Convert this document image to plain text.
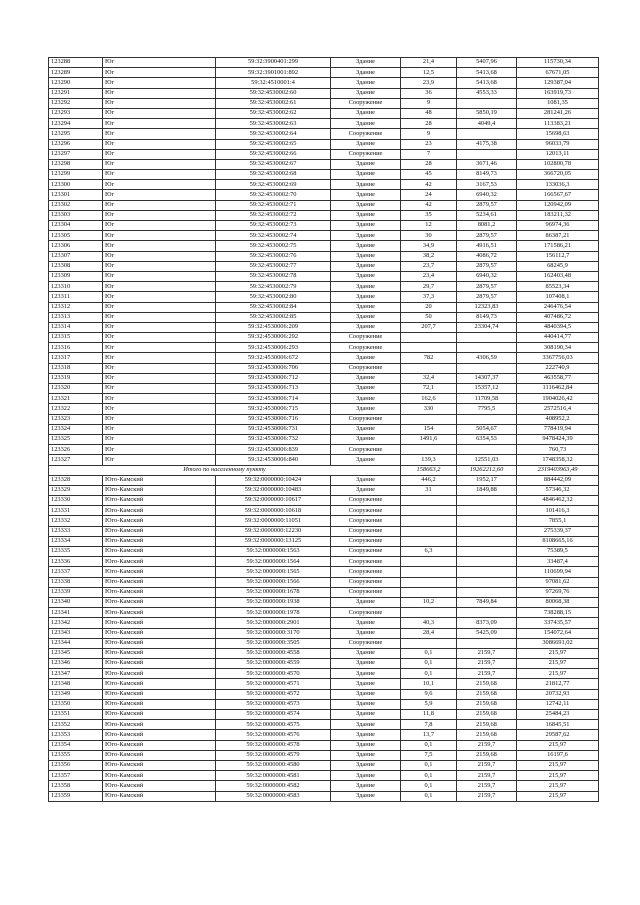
123288	Юг	59:32:3900401:299	Здание	21,4	5407,96	115730,34
123289	Юг	59:32:3901001:892	Здание	12,5	5413,68	67671,05
123290	Юг	59:32:4510001:4	Здание	23,9	5413,68	129387,04
123291	Юг	59:32:4530002:60	Здание	36	4553,33	163919,73
123292	Юг	59:32:4530002:61	Сооружение	9		1081,35
123293	Юг	59:32:4530002:62	Здание	48	5850,19	281241,26
123294	Юг	59:32:4530002:63	Здание	28	4049,4	113383,21
123295	Юг	59:32:4530002:64	Сооружение	9		15698,63
123296	Юг	59:32:4530002:65	Здание	23	4175,38	96033,79
123297	Юг	59:32:4530002:66	Сооружение	7		12013,11
123298	Юг	59:32:4530002:67	Здание	28	3671,46	102800,78
123299	Юг	59:32:4530002:68	Здание	45	8149,73	366720,05
123300	Юг	59:32:4530002:69	Здание	42	3167,53	133036,3
123301	Юг	59:32:4530002:70	Здание	24	6940,32	166567,67
123302	Юг	59:32:4530002:71	Здание	42	2879,57	120942,09
123303	Юг	59:32:4530002:72	Здание	35	5234,61	183211,32
123304	Юг	59:32:4530002:73	Здание	12	8081,2	96974,36
123305	Юг	59:32:4530002:74	Здание	30	2879,57	86387,21
123306	Юг	59:32:4530002:75	Здание	34,9	4916,51	171586,21
123307	Юг	59:32:4530002:76	Здание	38,2	4086,72	156112,7
123308	Юг	59:32:4530002:77	Здание	23,7	2879,57	68245,9
123309	Юг	59:32:4530002:78	Здание	23,4	6940,32	162403,48
123310	Юг	59:32:4530002:79	Здание	29,7	2879,57	85523,34
123311	Юг	59:32:4530002:80	Здание	37,3	2879,57	107408,1
123312	Юг	59:32:4530002:84	Здание	20	12323,83	246476,54
123313	Юг	59:32:4530002:85	Здание	50	8149,73	407486,72
123314	Юг	59:32:4530006:209	Здание	207,7	23304,74	4840394,5
123315	Юг	59:32:4530006:292	Сооружение			440414,77
123316	Юг	59:32:4530006:293	Сооружение			308190,34
123317	Юг	59:32:4530006:672	Здание	782	4306,59	3367756,03
123318	Юг	59:32:4530006:706	Сооружение			222740,9
123319	Юг	59:32:4530006:712	Здание	32,4	14307,37	463558,77
123320	Юг	59:32:4530006:713	Здание	72,1	15357,12	1116462,84
123321	Юг	59:32:4530006:714	Здание	162,6	11709,58	1904026,42
123322	Юг	59:32:4530006:715	Здание	330	7795,5	2572516,4
123323	Юг	59:32:4530006:716	Сооружение			408952,2
123324	Юг	59:32:4530006:731	Здание	154	5054,67	778419,94
123325	Юг	59:32:4530006:732	Здание	1491,6	6354,53	9478424,39
123326	Юг	59:32:4530006:839	Сооружение			760,73
123327	Юг	59:32:4530006:840	Здание	139,3	12551,03	1748358,32
Итого по населенному пункту				158663,2	19262212,60	2319403963,49
123328	Юго-Камский	59:32:0000000:10424	Здание	446,2	1952,17	884442,09
123329	Юго-Камский	59:32:0000000:10483	Здание	31	1849,88	57346,32
123330	Юго-Камский	59:32:0000000:10617	Сооружение			4846462,32
123331	Юго-Камский	59:32:0000000:10618	Сооружение			101416,3
123332	Юго-Камский	59:32:0000000:11051	Сооружение			7855,1
123333	Юго-Камский	59:32:0000000:12230	Сооружение			275339,37
123334	Юго-Камский	59:32:0000000:13125	Сооружение			8108665,16
123335	Юго-Камский	59:32:0000000:1563	Сооружение	6,3		75389,5
123336	Юго-Камский	59:32:0000000:1564	Сооружение			33487,4
123337	Юго-Камский	59:32:0000000:1565	Сооружение			110699,94
123338	Юго-Камский	59:32:0000000:1566	Сооружение			97081,62
123339	Юго-Камский	59:32:0000000:1678	Сооружение			97269,76
123340	Юго-Камский	59:32:0000000:1938	Здание	10,2	7849,84	80068,38
123341	Юго-Камский	59:32:0000000:1978	Сооружение			738288,15
123342	Юго-Камский	59:32:0000000:2901	Здание	40,3	8373,09	337435,57
123343	Юго-Камский	59:32:0000000:3170	Здание	28,4	5425,09	154072,64
123344	Юго-Камский	59:32:0000000:3505	Сооружение			3086691,02
123345	Юго-Камский	59:32:0000000:4558	Здание	0,1	2159,7	215,97
123346	Юго-Камский	59:32:0000000:4559	Здание	0,1	2159,7	215,97
123347	Юго-Камский	59:32:0000000:4570	Здание	0,1	2159,7	215,97
123348	Юго-Камский	59:32:0000000:4571	Здание	10,1	2159,68	21812,77
123349	Юго-Камский	59:32:0000000:4572	Здание	9,6	2159,68	20732,93
123350	Юго-Камский	59:32:0000000:4573	Здание	5,9	2159,68	12742,11
123351	Юго-Камский	59:32:0000000:4574	Здание	11,8	2159,68	25484,23
123352	Юго-Камский	59:32:0000000:4575	Здание	7,8	2159,68	16845,51
123353	Юго-Камский	59:32:0000000:4576	Здание	13,7	2159,68	29587,62
123354	Юго-Камский	59:32:0000000:4578	Здание	0,1	2159,7	215,97
123355	Юго-Камский	59:32:0000000:4579	Здание	7,5	2159,68	16197,6
123356	Юго-Камский	59:32:0000000:4580	Здание	0,1	2159,7	215,97
123357	Юго-Камский	59:32:0000000:4581	Здание	0,1	2159,7	215,97
123358	Юго-Камский	59:32:0000000:4582	Здание	0,1	2159,7	215,97
123359	Юго-Камский	59:32:0000000:4583	Здание	0,1	2159,7	215,97
